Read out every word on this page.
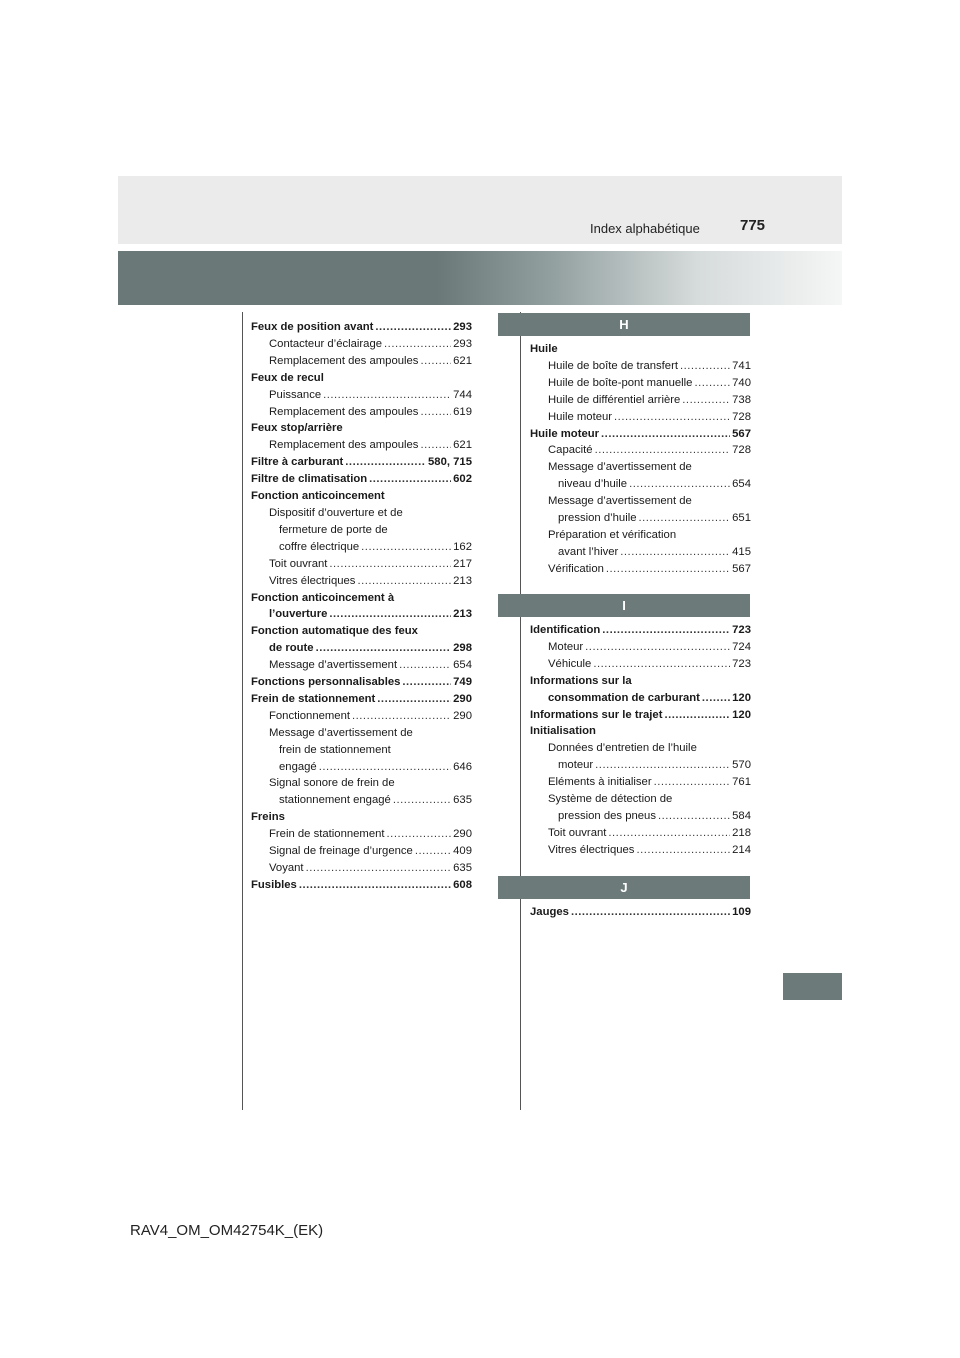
Index alphabétique	775
Feux de position avant .....	293
Contacteur d’éclairage .....	293
Remplacement des ampoules .....	621
Feux de recul
Puissance .....	744
Remplacement des ampoules .....	619
Feux stop/arrière
Remplacement des ampoules .....	621
Filtre à carburant .....	580, 715
Filtre de climatisation .....	602
Fonction anticoincement
Dispositif d’ouverture et de
fermeture de porte de
coffre électrique .....	162
Toit ouvrant .....	217
Vitres électriques .....	213
Fonction anticoincement à
l’ouverture .....	213
Fonction automatique des feux
de route .....	298
Message d’avertissement .....	654
Fonctions personnalisables .....	749
Frein de stationnement .....	290
Fonctionnement .....	290
Message d’avertissement de
frein de stationnement
engagé .....	646
Signal sonore de frein de
stationnement engagé .....	635
Freins
Frein de stationnement .....	290
Signal de freinage d’urgence .....	409
Voyant .....	635
Fusibles .....	608
H
Huile
Huile de boîte de transfert .....	741
Huile de boîte-pont manuelle .....	740
Huile de différentiel arrière .....	738
Huile moteur .....	728
Huile moteur .....	567
Capacité .....	728
Message d’avertissement de
niveau d’huile .....	654
Message d’avertissement de
pression d’huile .....	651
Préparation et vérification
avant l’hiver .....	415
Vérification .....	567
I
Identification .....	723
Moteur .....	724
Véhicule .....	723
Informations sur la
consommation de carburant .....	120
Informations sur le trajet .....	120
Initialisation
Données d’entretien de l’huile
moteur .....	570
Eléments à initialiser .....	761
Système de détection de
pression des pneus .....	584
Toit ouvrant .....	218
Vitres électriques .....	214
J
Jauges .....	109
RAV4_OM_OM42754K_(EK)
